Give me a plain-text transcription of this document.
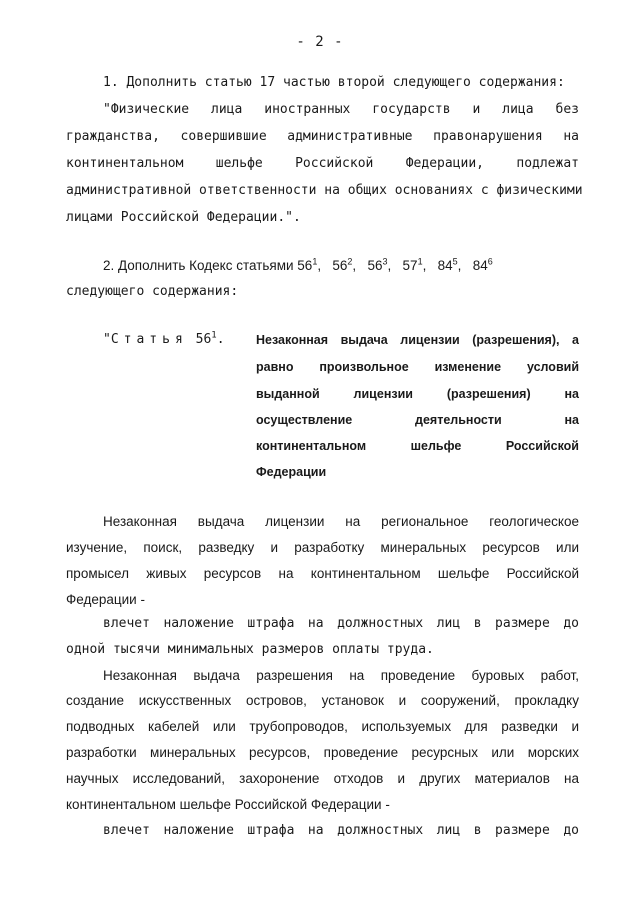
- 2 -
1. Дополнить статью 17 частью второй следующего содержания:
"Физические лица иностранных государств и лица без
гражданства, совершившие административные правонарушения на
континентальном шельфе Российской Федерации, подлежат
административной ответственности на общих основаниях с физическими
лицами Российской Федерации.".
2. Дополнить Кодекс статьями $56^1$, $56^2$, $56^3$, $57^1$, $84^5$, $84^6$
следующего содержания:
"Статья $56^1$.	Незаконная выдача лицензии (разрешения), а
равно произвольное изменение условий
выданной лицензии (разрешения) на
осуществление деятельности на
континентальном шельфе Российской
Федерации
Незаконная выдача лицензии на региональное геологическое
изучение, поиск, разведку и разработку минеральных ресурсов или
промысел живых ресурсов на континентальном шельфе Российской
Федерации -
влечет наложение штрафа на должностных лиц в размере до
одной тысячи минимальных размеров оплаты труда.
Незаконная выдача разрешения на проведение буровых работ,
создание искусственных островов, установок и сооружений, прокладку
подводных кабелей или трубопроводов, используемых для разведки и
разработки минеральных ресурсов, проведение ресурсных или морских
научных исследований, захоронение отходов и других материалов на
континентальном шельфе Российской Федерации -
влечет наложение штрафа на должностных лиц в размере до
